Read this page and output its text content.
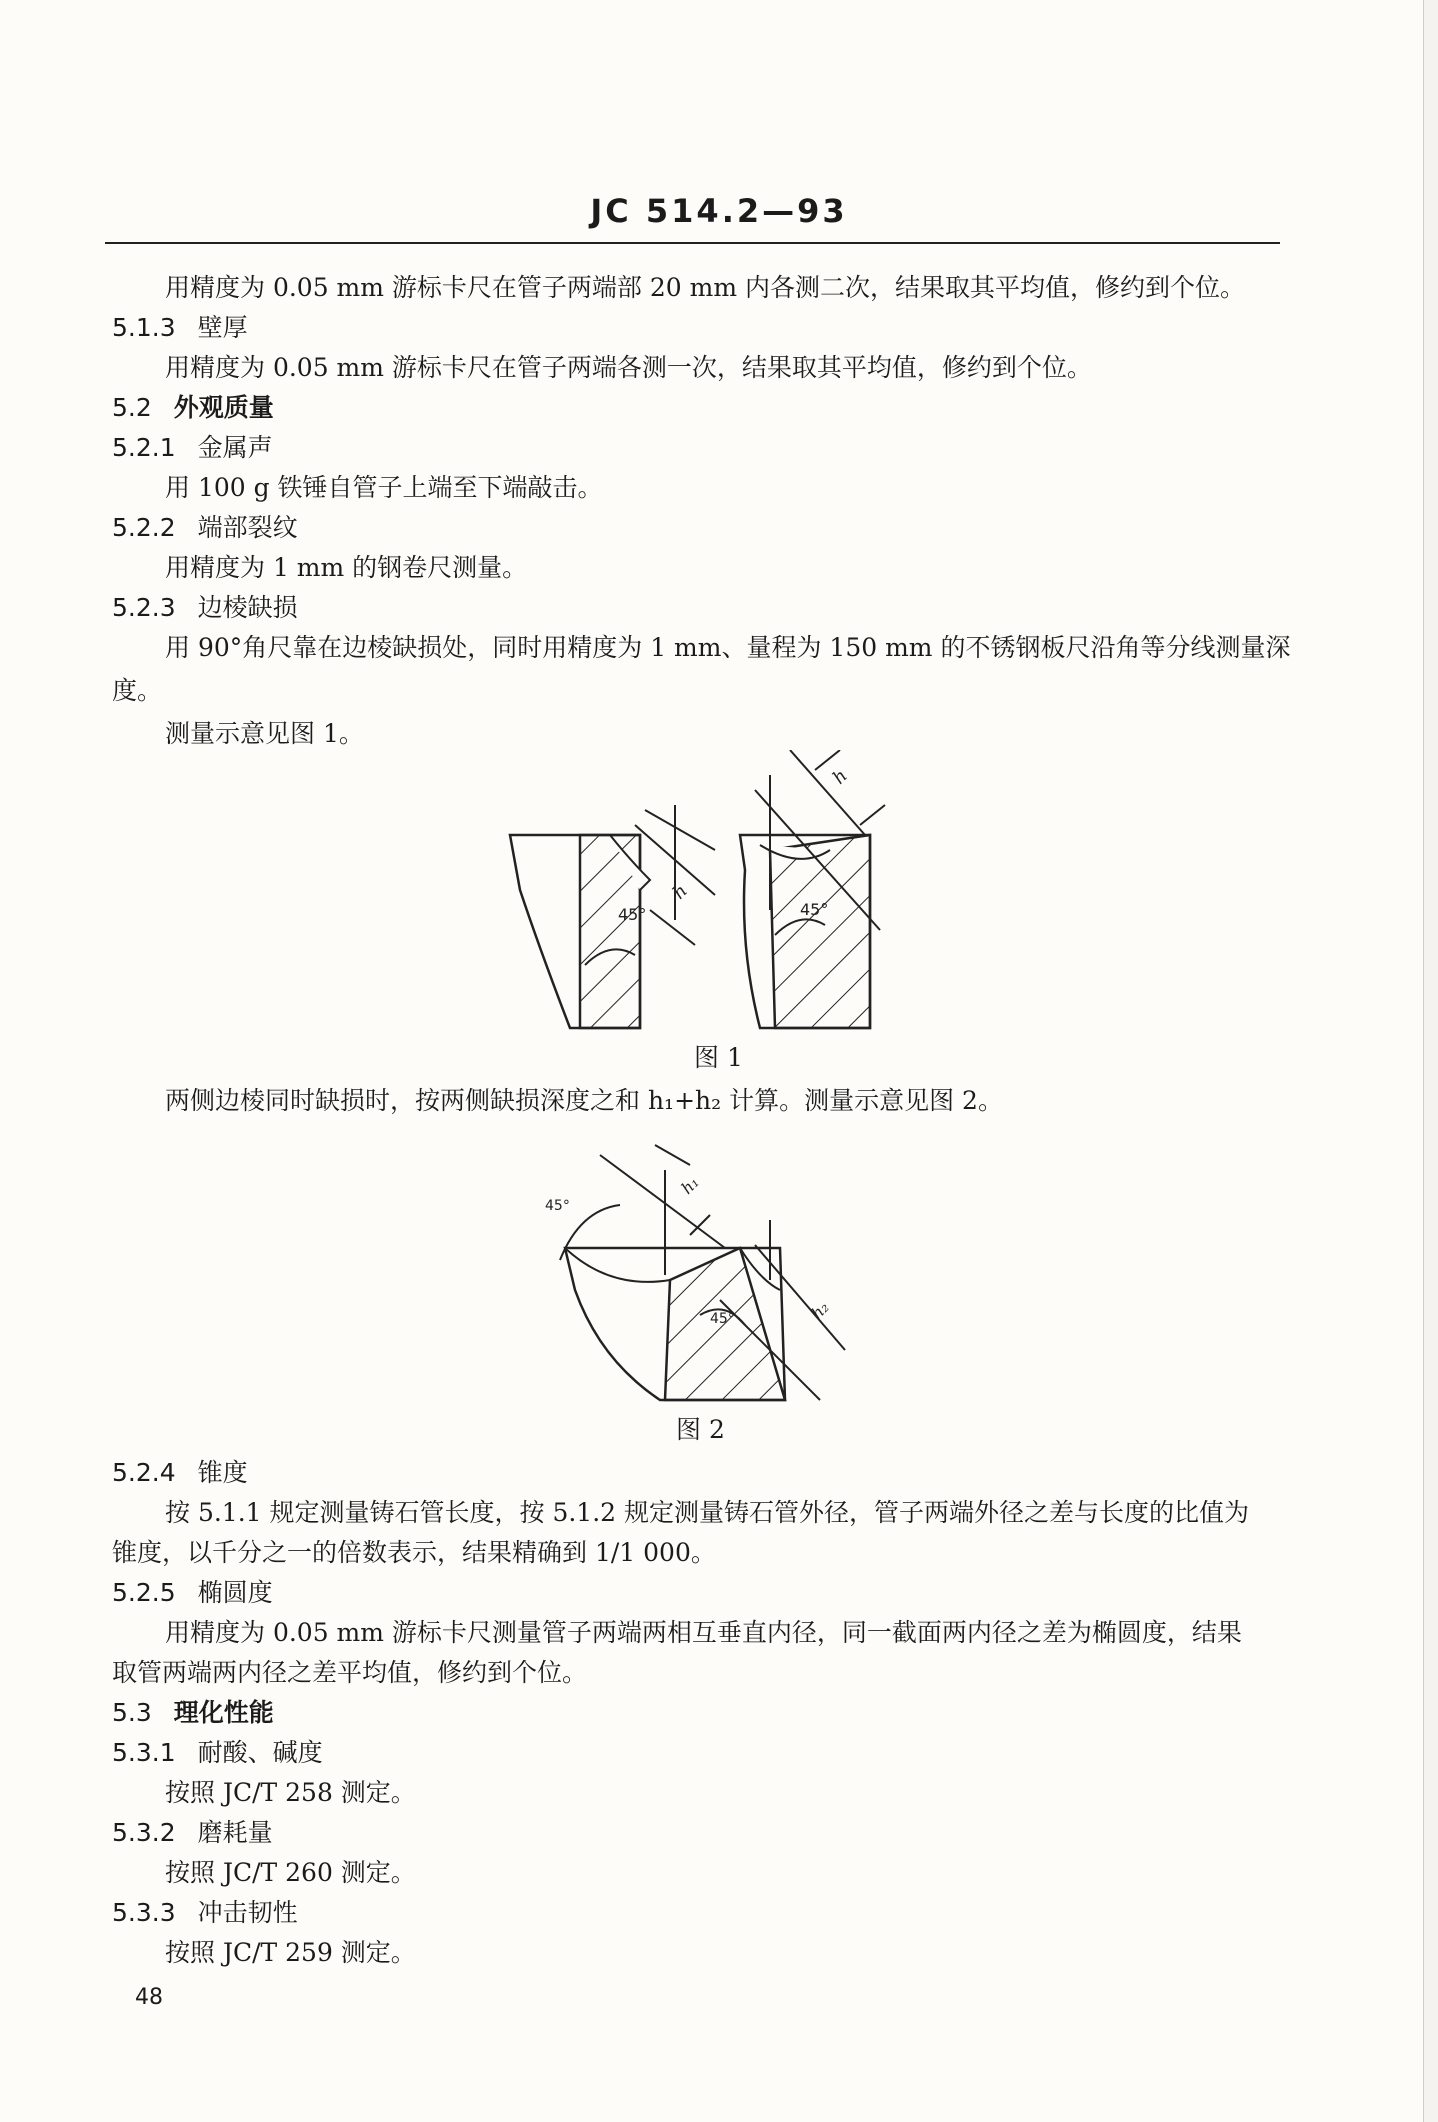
JC 514.2—93
用精度为 0.05 mm 游标卡尺在管子两端部 20 mm 内各测二次，结果取其平均值，修约到个位。
5.1.3 壁厚
用精度为 0.05 mm 游标卡尺在管子两端各测一次，结果取其平均值，修约到个位。
5.2 外观质量
5.2.1 金属声
用 100 g 铁锤自管子上端至下端敲击。
5.2.2 端部裂纹
用精度为 1 mm 的钢卷尺测量。
5.2.3 边棱缺损
用 90°角尺靠在边棱缺损处，同时用精度为 1 mm、量程为 150 mm 的不锈钢板尺沿角等分线测量深
度。
测量示意见图 1。
h
45°
h
45°
图 1
两侧边棱同时缺损时，按两侧缺损深度之和 h₁+h₂ 计算。测量示意见图 2。
45°
h₁
h₂
45°
图 2
5.2.4 锥度
按 5.1.1 规定测量铸石管长度，按 5.1.2 规定测量铸石管外径，管子两端外径之差与长度的比值为
锥度，以千分之一的倍数表示，结果精确到 1/1 000。
5.2.5 椭圆度
用精度为 0.05 mm 游标卡尺测量管子两端两相互垂直内径，同一截面两内径之差为椭圆度，结果
取管两端两内径之差平均值，修约到个位。
5.3 理化性能
5.3.1 耐酸、碱度
按照 JC/T 258 测定。
5.3.2 磨耗量
按照 JC/T 260 测定。
5.3.3 冲击韧性
按照 JC/T 259 测定。
48
